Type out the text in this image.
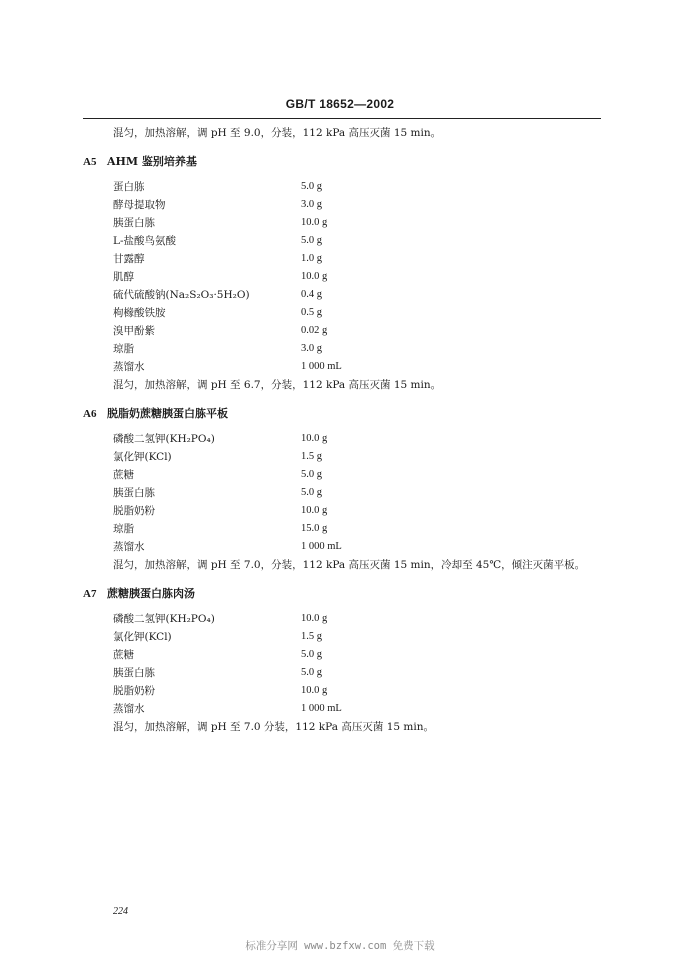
GB/T 18652—2002
混匀，加热溶解，调 pH 至 9.0，分装，112 kPa 高压灭菌 15 min。
A5 AHM 鉴别培养基
蛋白胨	5.0 g
酵母提取物	3.0 g
胰蛋白胨	10.0 g
L-盐酸鸟氨酸	5.0 g
甘露醇	1.0 g
肌醇	10.0 g
硫代硫酸钠(Na₂S₂O₃·5H₂O)	0.4 g
枸橼酸铁胺	0.5 g
溴甲酚紫	0.02 g
琼脂	3.0 g
蒸馏水	1 000 mL
混匀，加热溶解，调 pH 至 6.7，分装，112 kPa 高压灭菌 15 min。
A6 脱脂奶蔗糖胰蛋白胨平板
磷酸二氢钾(KH₂PO₄)	10.0 g
氯化钾(KCl)	1.5 g
蔗糖	5.0 g
胰蛋白胨	5.0 g
脱脂奶粉	10.0 g
琼脂	15.0 g
蒸馏水	1 000 mL
混匀，加热溶解，调 pH 至 7.0，分装，112 kPa 高压灭菌 15 min，冷却至 45℃，倾注灭菌平板。
A7 蔗糖胰蛋白胨肉汤
磷酸二氢钾(KH₂PO₄)	10.0 g
氯化钾(KCl)	1.5 g
蔗糖	5.0 g
胰蛋白胨	5.0 g
脱脂奶粉	10.0 g
蒸馏水	1 000 mL
混匀，加热溶解，调 pH 至 7.0 分装，112 kPa 高压灭菌 15 min。
224
标准分享网 www.bzfxw.com 免费下载
